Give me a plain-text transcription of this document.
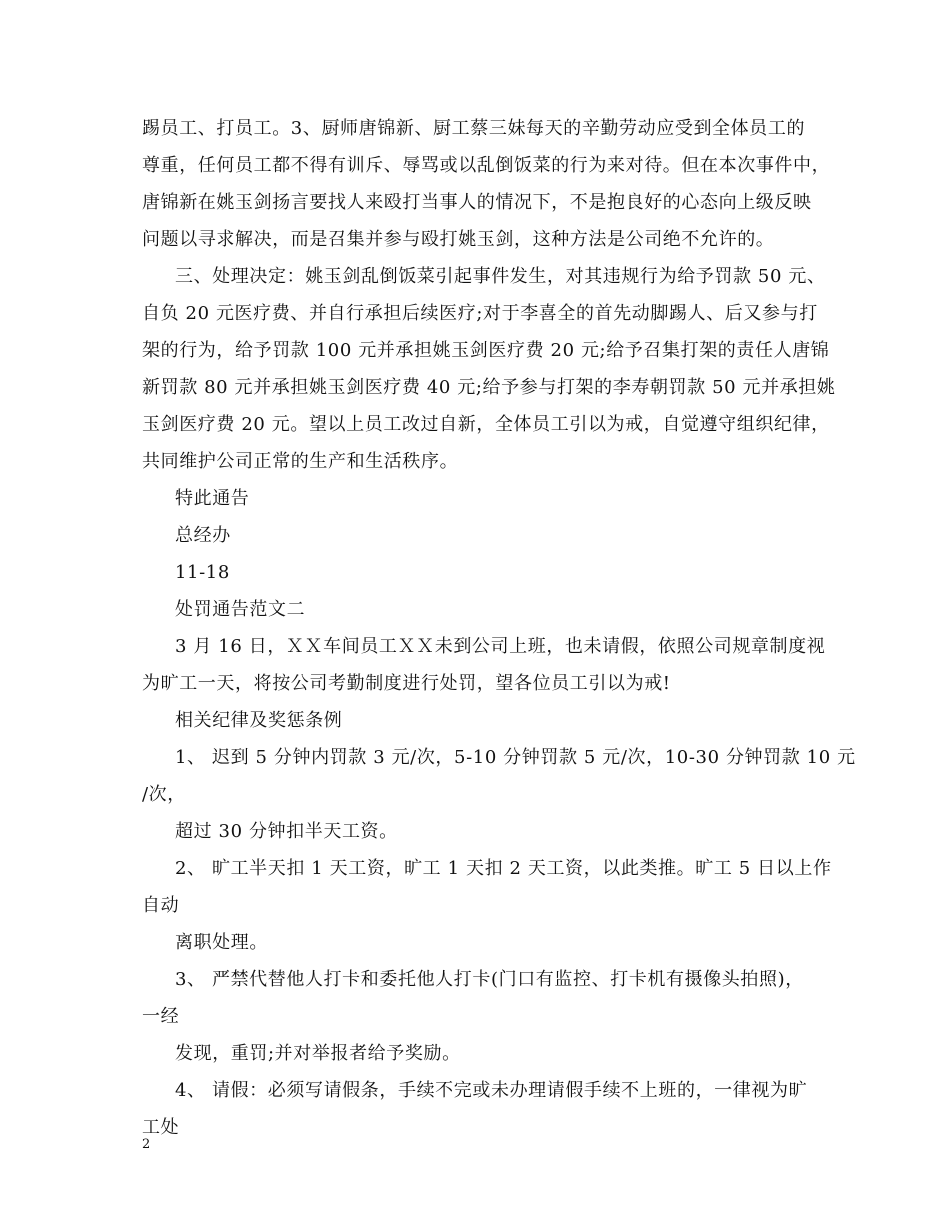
踢员工、打员工。3、厨师唐锦新、厨工蔡三妹每天的辛勤劳动应受到全体员工的
尊重，任何员工都不得有训斥、辱骂或以乱倒饭菜的行为来对待。但在本次事件中，
唐锦新在姚玉剑扬言要找人来殴打当事人的情况下，不是抱良好的心态向上级反映
问题以寻求解决，而是召集并参与殴打姚玉剑，这种方法是公司绝不允许的。
三、处理决定：姚玉剑乱倒饭菜引起事件发生，对其违规行为给予罚款 50 元、
自负 20 元医疗费、并自行承担后续医疗;对于李喜全的首先动脚踢人、后又参与打
架的行为，给予罚款 100 元并承担姚玉剑医疗费 20 元;给予召集打架的责任人唐锦
新罚款 80 元并承担姚玉剑医疗费 40 元;给予参与打架的李寿朝罚款 50 元并承担姚
玉剑医疗费 20 元。望以上员工改过自新，全体员工引以为戒，自觉遵守组织纪律，
共同维护公司正常的生产和生活秩序。
特此通告
总经办
11-18
处罚通告范文二
3 月 16 日，ＸＸ车间员工ＸＸ未到公司上班，也未请假，依照公司规章制度视
为旷工一天，将按公司考勤制度进行处罚，望各位员工引以为戒!
相关纪律及奖惩条例
1、 迟到 5 分钟内罚款 3 元/次，5-10 分钟罚款 5 元/次，10-30 分钟罚款 10 元
/次，
超过 30 分钟扣半天工资。
2、 旷工半天扣 1 天工资，旷工 1 天扣 2 天工资，以此类推。旷工 5 日以上作
自动
离职处理。
3、 严禁代替他人打卡和委托他人打卡(门口有监控、打卡机有摄像头拍照)，
一经
发现，重罚;并对举报者给予奖励。
4、 请假：必须写请假条，手续不完或未办理请假手续不上班的，一律视为旷
工处
2
